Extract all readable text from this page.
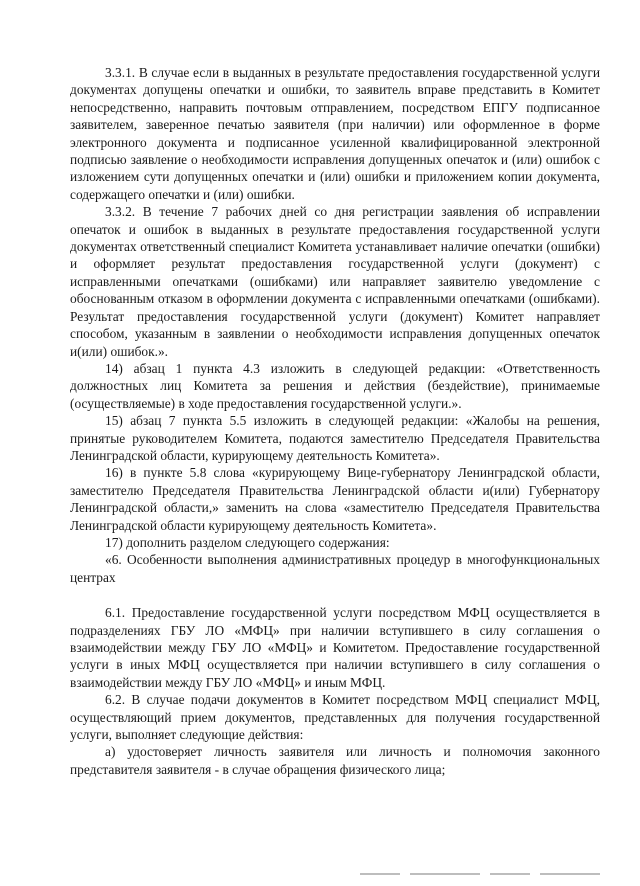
3.3.1. В случае если в выданных в результате предоставления государственной услуги документах допущены опечатки и ошибки, то заявитель вправе представить в Комитет непосредственно, направить почтовым отправлением, посредством ЕПГУ подписанное заявителем, заверенное печатью заявителя (при наличии) или оформленное в форме электронного документа и подписанное усиленной квалифицированной электронной подписью заявление о необходимости исправления допущенных опечаток и (или) ошибок с изложением сути допущенных опечатки и (или) ошибки и приложением копии документа, содержащего опечатки и (или) ошибки.

3.3.2. В течение 7 рабочих дней со дня регистрации заявления об исправлении опечаток и ошибок в выданных в результате предоставления государственной услуги документах ответственный специалист Комитета устанавливает наличие опечатки (ошибки) и оформляет результат предоставления государственной услуги (документ) с исправленными опечатками (ошибками) или направляет заявителю уведомление с обоснованным отказом в оформлении документа с исправленными опечатками (ошибками). Результат предоставления государственной услуги (документ) Комитет направляет способом, указанным в заявлении о необходимости исправления допущенных опечаток и(или) ошибок.».

14) абзац 1 пункта 4.3 изложить в следующей редакции: «Ответственность должностных лиц Комитета за решения и действия (бездействие), принимаемые (осуществляемые) в ходе предоставления государственной услуги.».

15) абзац 7 пункта 5.5 изложить в следующей редакции: «Жалобы на решения, принятые руководителем Комитета, подаются заместителю Председателя Правительства Ленинградской области, курирующему деятельность Комитета».

16) в пункте 5.8 слова «курирующему Вице-губернатору Ленинградской области, заместителю Председателя Правительства Ленинградской области и(или) Губернатору Ленинградской области,» заменить на слова «заместителю Председателя Правительства Ленинградской области курирующему деятельность Комитета».

17) дополнить разделом следующего содержания:

«6. Особенности выполнения административных процедур в многофункциональных центрах

6.1. Предоставление государственной услуги посредством МФЦ осуществляется в подразделениях ГБУ ЛО «МФЦ» при наличии вступившего в силу соглашения о взаимодействии между ГБУ ЛО «МФЦ» и Комитетом. Предоставление государственной услуги в иных МФЦ осуществляется при наличии вступившего в силу соглашения о взаимодействии между ГБУ ЛО «МФЦ» и иным МФЦ.

6.2. В случае подачи документов в Комитет посредством МФЦ специалист МФЦ, осуществляющий прием документов, представленных для получения государственной услуги, выполняет следующие действия:

а) удостоверяет личность заявителя или личность и полномочия законного представителя заявителя - в случае обращения физического лица;
